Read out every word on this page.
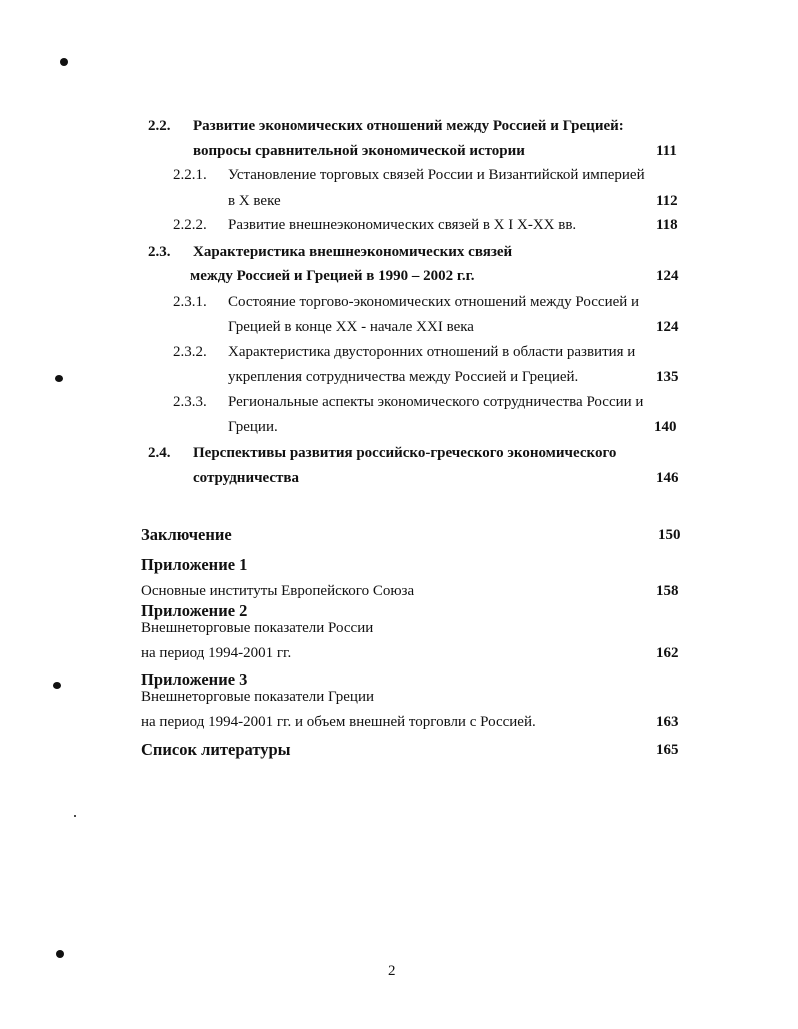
2.2. Развитие экономических отношений между Россией и Грецией:
вопросы сравнительной экономической истории	111
2.2.1. Установление торговых связей России и Византийской империей
в X веке	112
2.2.2. Развитие внешнеэкономических связей в X I X-XX вв.	118
2.3. Характеристика внешнеэкономических связей
между Россией и Грецией в 1990 – 2002 г.г.	124
2.3.1. Состояние торгово-экономических отношений между Россией и
Грецией в конце XX - начале XXI века	124
2.3.2. Характеристика двусторонних отношений в области развития и
укрепления сотрудничества между Россией и Грецией.	135
2.3.3. Региональные аспекты экономического сотрудничества России и
Греции.	140
2.4. Перспективы развития российско-греческого экономического
сотрудничества	146
Заключение	150
Приложение 1
Основные институты Европейского Союза	158
Приложение 2
Внешнеторговые показатели России
на период 1994-2001 гг.	162
Приложение 3
Внешнеторговые показатели Греции
на период 1994-2001 гг. и объем внешней торговли с Россией.	163
Список литературы	165
2
